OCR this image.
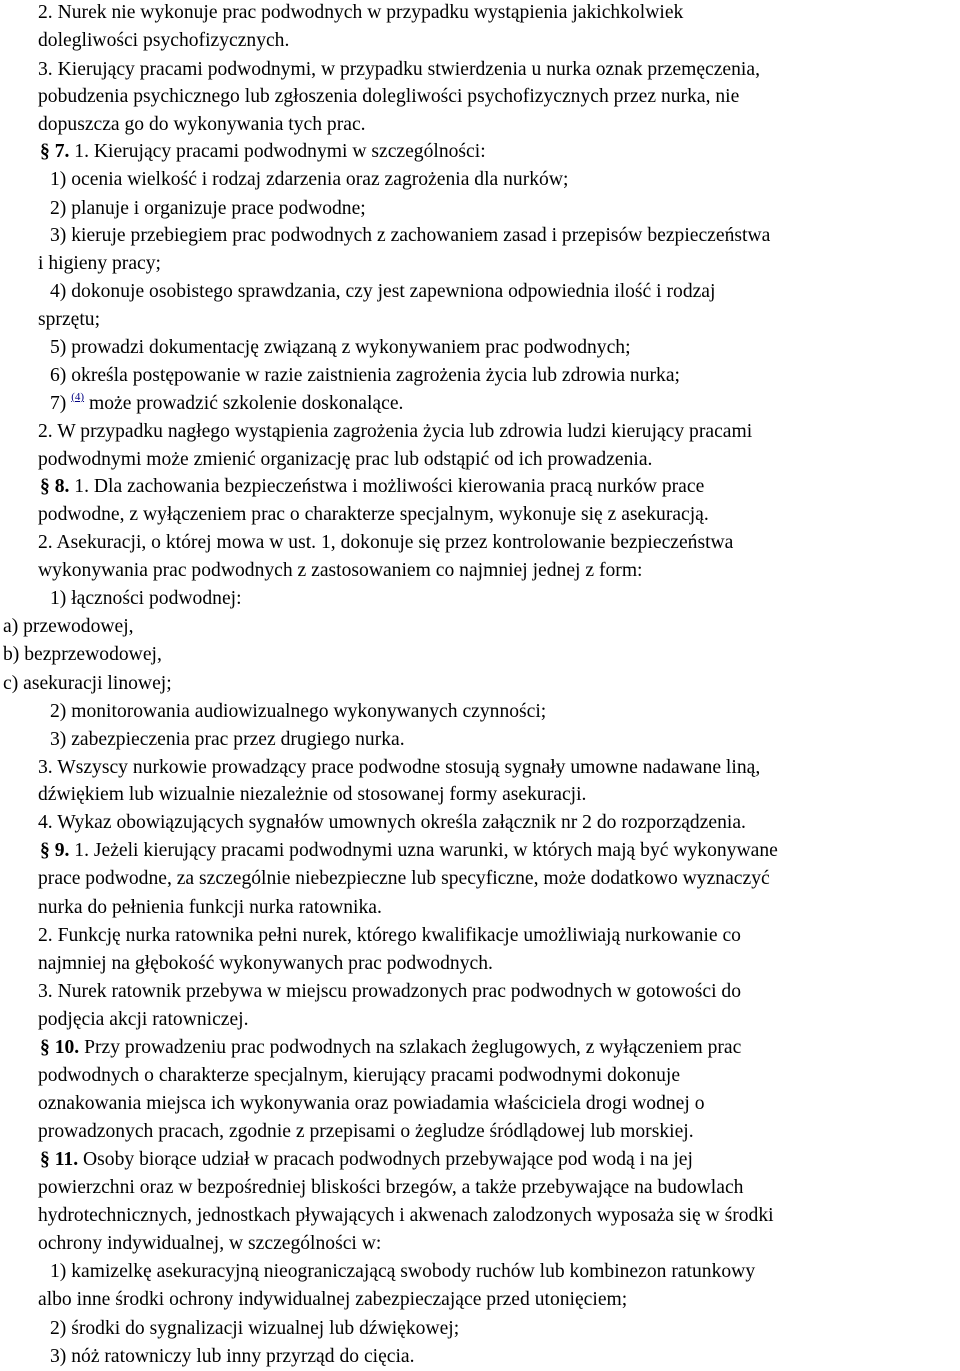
2. Nurek nie wykonuje prac podwodnych w przypadku wystąpienia jakichkolwiek
dolegliwości psychofizycznych.
3. Kierujący pracami podwodnymi, w przypadku stwierdzenia u nurka oznak przemęczenia,
pobudzenia psychicznego lub zgłoszenia dolegliwości psychofizycznych przez nurka, nie
dopuszcza go do wykonywania tych prac.
§ 7. 1. Kierujący pracami podwodnymi w szczególności:
1) ocenia wielkość i rodzaj zdarzenia oraz zagrożenia dla nurków;
2) planuje i organizuje prace podwodne;
3) kieruje przebiegiem prac podwodnych z zachowaniem zasad i przepisów bezpieczeństwa
i higieny pracy;
4) dokonuje osobistego sprawdzania, czy jest zapewniona odpowiednia ilość i rodzaj
sprzętu;
5) prowadzi dokumentację związaną z wykonywaniem prac podwodnych;
6) określa postępowanie w razie zaistnienia zagrożenia życia lub zdrowia nurka;
7) $^{(4)}$ może prowadzić szkolenie doskonalące.
2. W przypadku nagłego wystąpienia zagrożenia życia lub zdrowia ludzi kierujący pracami
podwodnymi może zmienić organizację prac lub odstąpić od ich prowadzenia.
§ 8. 1. Dla zachowania bezpieczeństwa i możliwości kierowania pracą nurków prace
podwodne, z wyłączeniem prac o charakterze specjalnym, wykonuje się z asekuracją.
2. Asekuracji, o której mowa w ust. 1, dokonuje się przez kontrolowanie bezpieczeństwa
wykonywania prac podwodnych z zastosowaniem co najmniej jednej z form:
1) łączności podwodnej:
a) przewodowej,
b) bezprzewodowej,
c) asekuracji linowej;
2) monitorowania audiowizualnego wykonywanych czynności;
3) zabezpieczenia prac przez drugiego nurka.
3. Wszyscy nurkowie prowadzący prace podwodne stosują sygnały umowne nadawane liną,
dźwiękiem lub wizualnie niezależnie od stosowanej formy asekuracji.
4. Wykaz obowiązujących sygnałów umownych określa załącznik nr 2 do rozporządzenia.
§ 9. 1. Jeżeli kierujący pracami podwodnymi uzna warunki, w których mają być wykonywane
prace podwodne, za szczególnie niebezpieczne lub specyficzne, może dodatkowo wyznaczyć
nurka do pełnienia funkcji nurka ratownika.
2. Funkcję nurka ratownika pełni nurek, którego kwalifikacje umożliwiają nurkowanie co
najmniej na głębokość wykonywanych prac podwodnych.
3. Nurek ratownik przebywa w miejscu prowadzonych prac podwodnych w gotowości do
podjęcia akcji ratowniczej.
§ 10. Przy prowadzeniu prac podwodnych na szlakach żeglugowych, z wyłączeniem prac
podwodnych o charakterze specjalnym, kierujący pracami podwodnymi dokonuje
oznakowania miejsca ich wykonywania oraz powiadamia właściciela drogi wodnej o
prowadzonych pracach, zgodnie z przepisami o żegludze śródlądowej lub morskiej.
§ 11. Osoby biorące udział w pracach podwodnych przebywające pod wodą i na jej
powierzchni oraz w bezpośredniej bliskości brzegów, a także przebywające na budowlach
hydrotechnicznych, jednostkach pływających i akwenach zalodzonych wyposaża się w środki
ochrony indywidualnej, w szczególności w:
1) kamizelkę asekuracyjną nieograniczającą swobody ruchów lub kombinezon ratunkowy
albo inne środki ochrony indywidualnej zabezpieczające przed utonięciem;
2) środki do sygnalizacji wizualnej lub dźwiękowej;
3) nóż ratowniczy lub inny przyrząd do cięcia.
